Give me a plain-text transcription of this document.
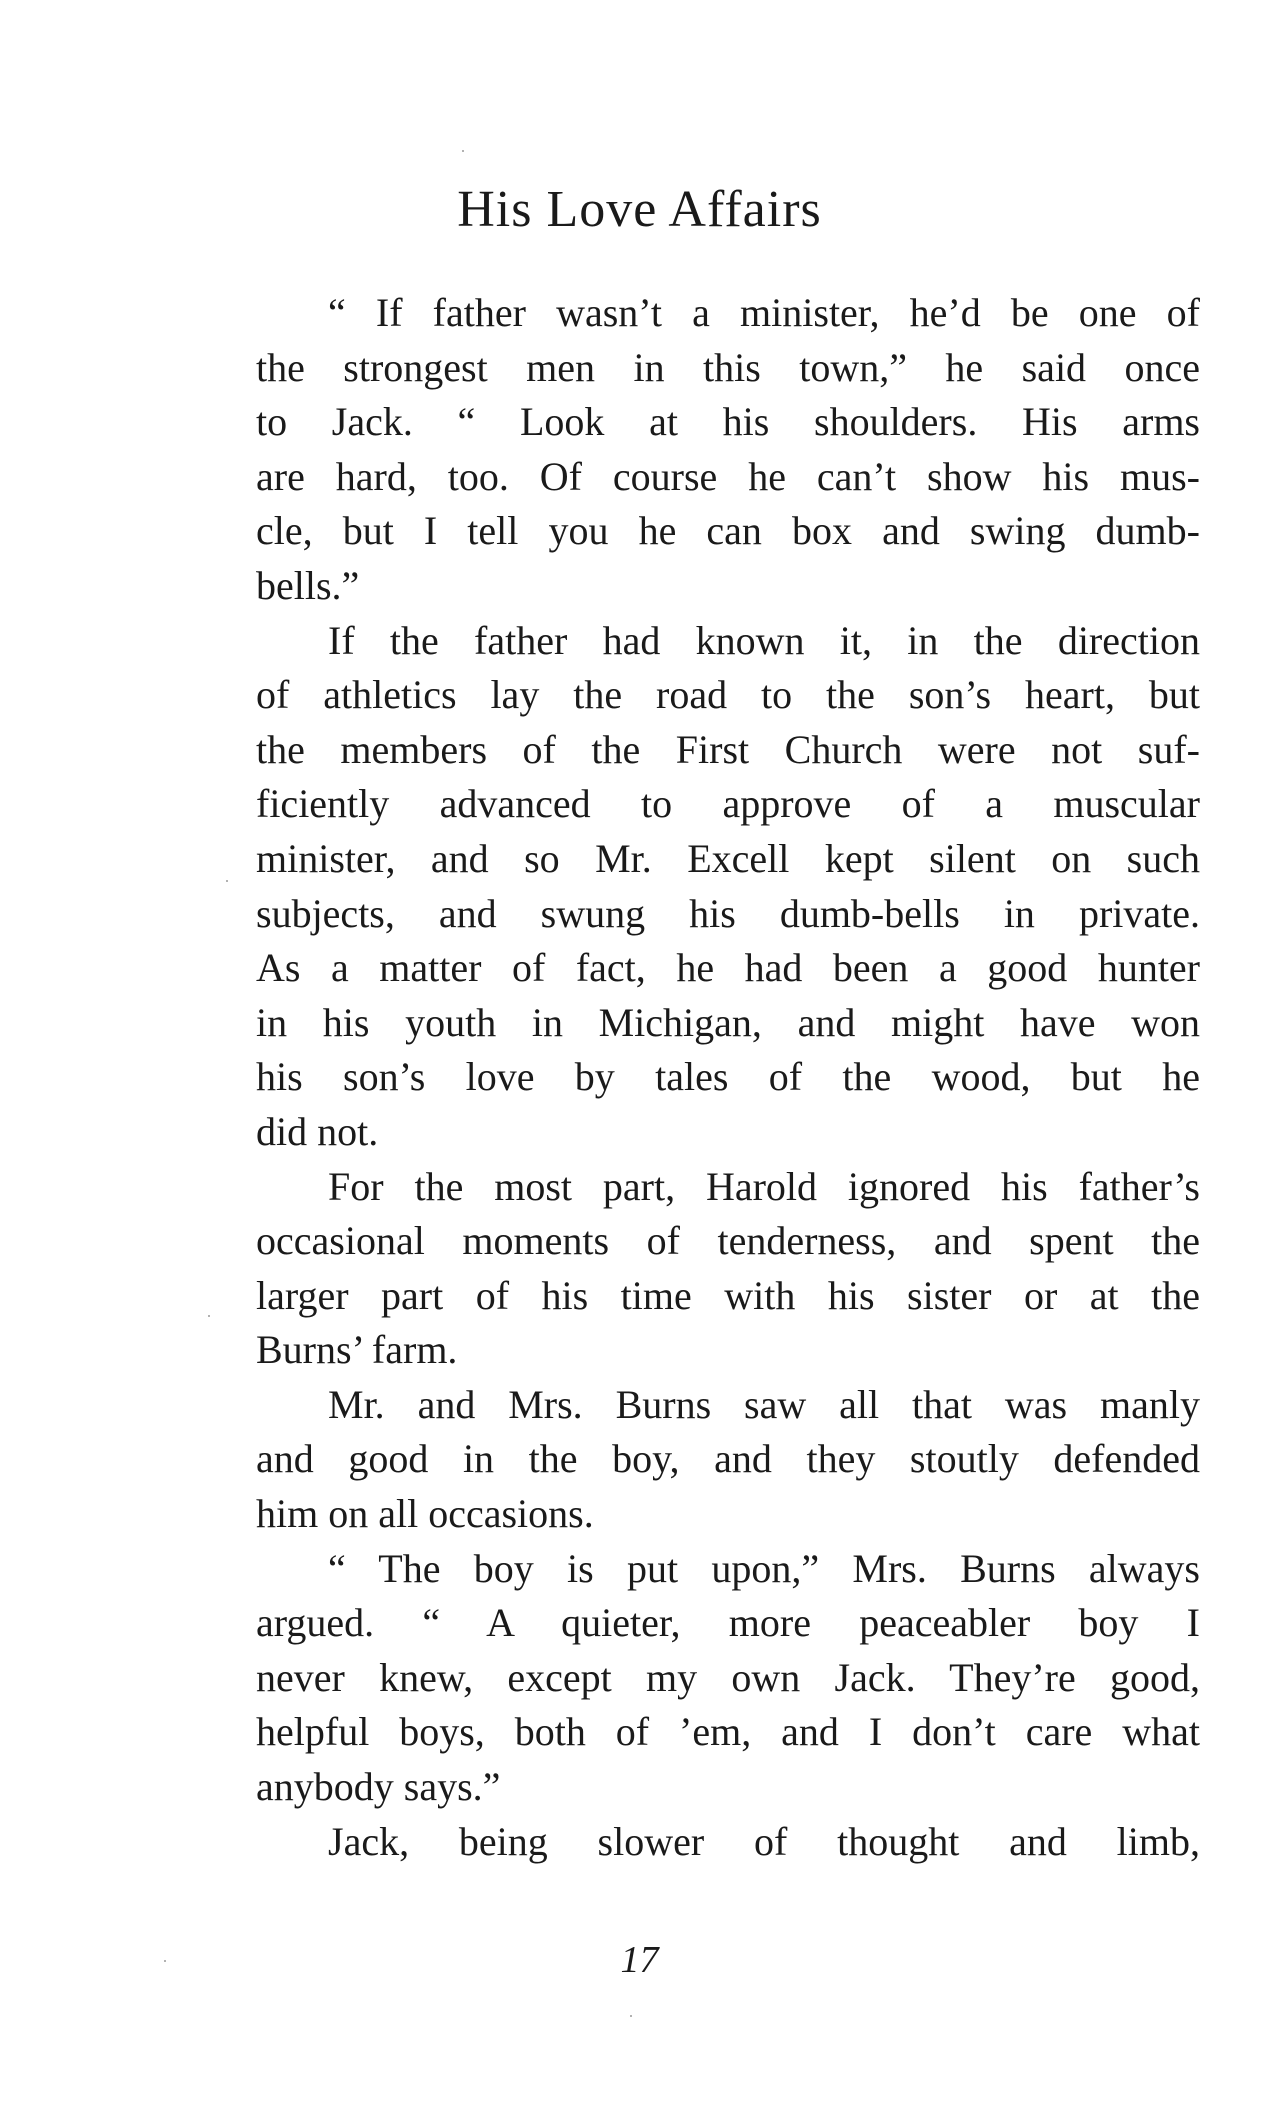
His Love Affairs
“ If father wasn’t a minister, he’d be one of
the strongest men in this town,” he said once
to Jack. “ Look at his shoulders. His arms
are hard, too. Of course he can’t show his mus-
cle, but I tell you he can box and swing dumb-
bells.”
If the father had known it, in the direction
of athletics lay the road to the son’s heart, but
the members of the First Church were not suf-
ficiently advanced to approve of a muscular
minister, and so Mr. Excell kept silent on such
subjects, and swung his dumb-bells in private.
As a matter of fact, he had been a good hunter
in his youth in Michigan, and might have won
his son’s love by tales of the wood, but he
did not.
For the most part, Harold ignored his father’s
occasional moments of tenderness, and spent the
larger part of his time with his sister or at the
Burns’ farm.
Mr. and Mrs. Burns saw all that was manly
and good in the boy, and they stoutly defended
him on all occasions.
“ The boy is put upon,” Mrs. Burns always
argued. “ A quieter, more peaceabler boy I
never knew, except my own Jack. They’re good,
helpful boys, both of ’em, and I don’t care what
anybody says.”
Jack, being slower of thought and limb,
17
